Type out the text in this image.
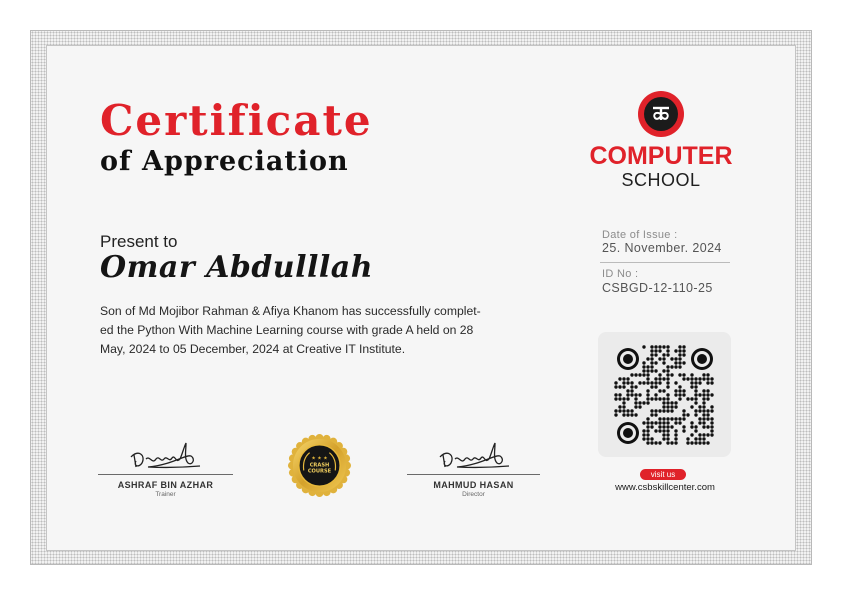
Certificate
of Appreciation
Present to
Omar Abdulllah
Son of Md Mojibor Rahman & Afiya Khanom has successfully complet-
ed the Python With Machine Learning course with grade A held on 28
May, 2024 to 05 December, 2024 at Creative IT Institute.
COMPUTER
SCHOOL
Date of Issue :
25. November. 2024
ID No :
CSBGD-12-110-25
visit us
www.csbskillcenter.com
ASHRAF BIN AZHAR
Trainer
MAHMUD HASAN
Director
★ ★ ★
CRASH
COURSE
